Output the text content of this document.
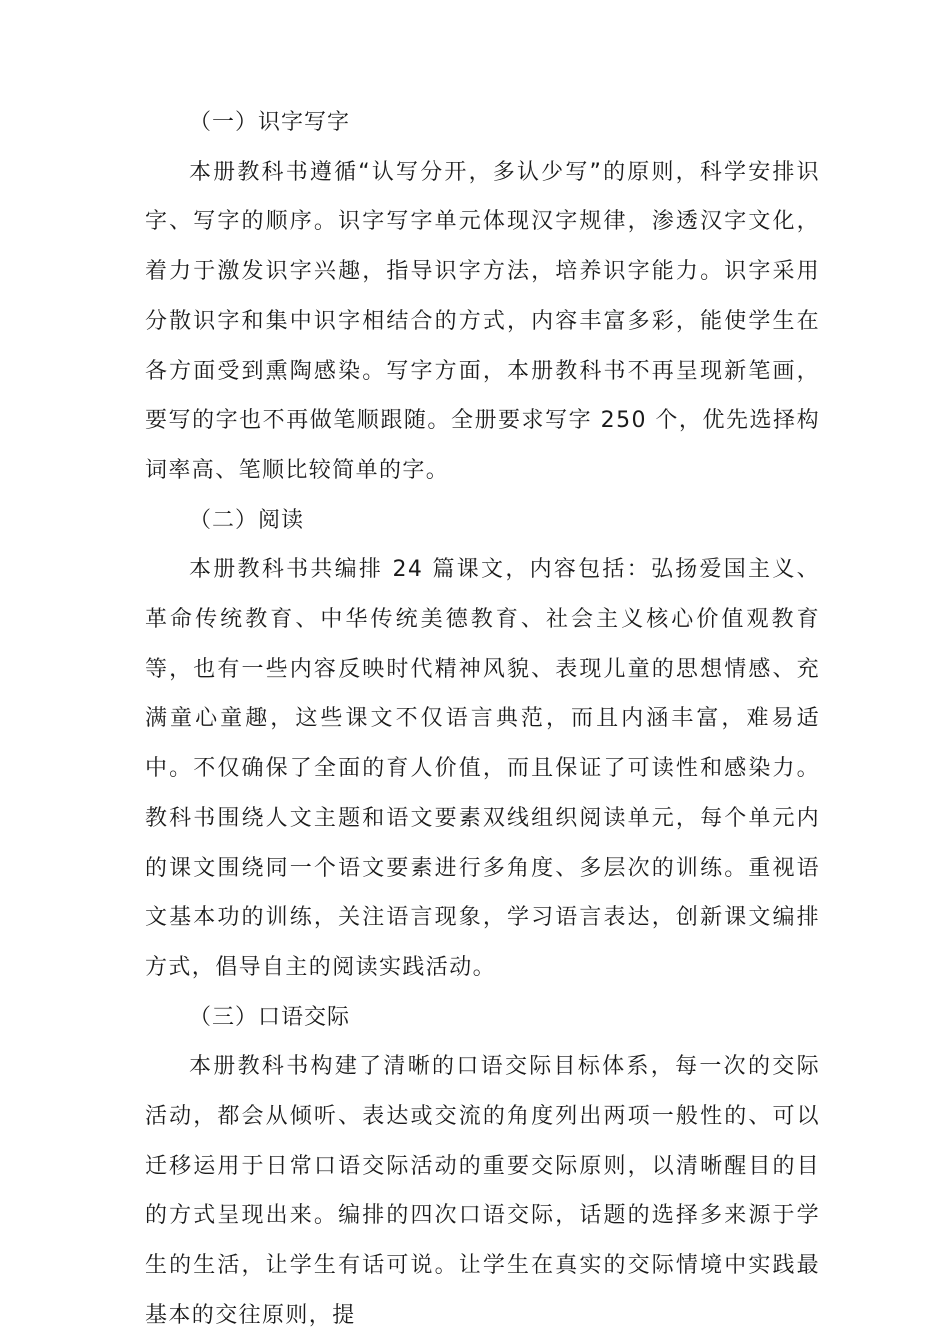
（一）识字写字

本册教科书遵循“认写分开，多认少写”的原则，科学安排识字、写字的顺序。识字写字单元体现汉字规律，渗透汉字文化，着力于激发识字兴趣，指导识字方法，培养识字能力。识字采用分散识字和集中识字相结合的方式，内容丰富多彩，能使学生在各方面受到熏陶感染。写字方面，本册教科书不再呈现新笔画，要写的字也不再做笔顺跟随。全册要求写字 250 个，优先选择构词率高、笔顺比较简单的字。

（二）阅读

本册教科书共编排 24 篇课文，内容包括：弘扬爱国主义、革命传统教育、中华传统美德教育、社会主义核心价值观教育等，也有一些内容反映时代精神风貌、表现儿童的思想情感、充满童心童趣，这些课文不仅语言典范，而且内涵丰富，难易适中。不仅确保了全面的育人价值，而且保证了可读性和感染力。教科书围绕人文主题和语文要素双线组织阅读单元，每个单元内的课文围绕同一个语文要素进行多角度、多层次的训练。重视语文基本功的训练，关注语言现象，学习语言表达，创新课文编排方式，倡导自主的阅读实践活动。

（三）口语交际

本册教科书构建了清晰的口语交际目标体系，每一次的交际活动，都会从倾听、表达或交流的角度列出两项一般性的、可以迁移运用于日常口语交际活动的重要交际原则，以清晰醒目的目的方式呈现出来。编排的四次口语交际，话题的选择多来源于学生的生活，让学生有话可说。让学生在真实的交际情境中实践最基本的交往原则，提
